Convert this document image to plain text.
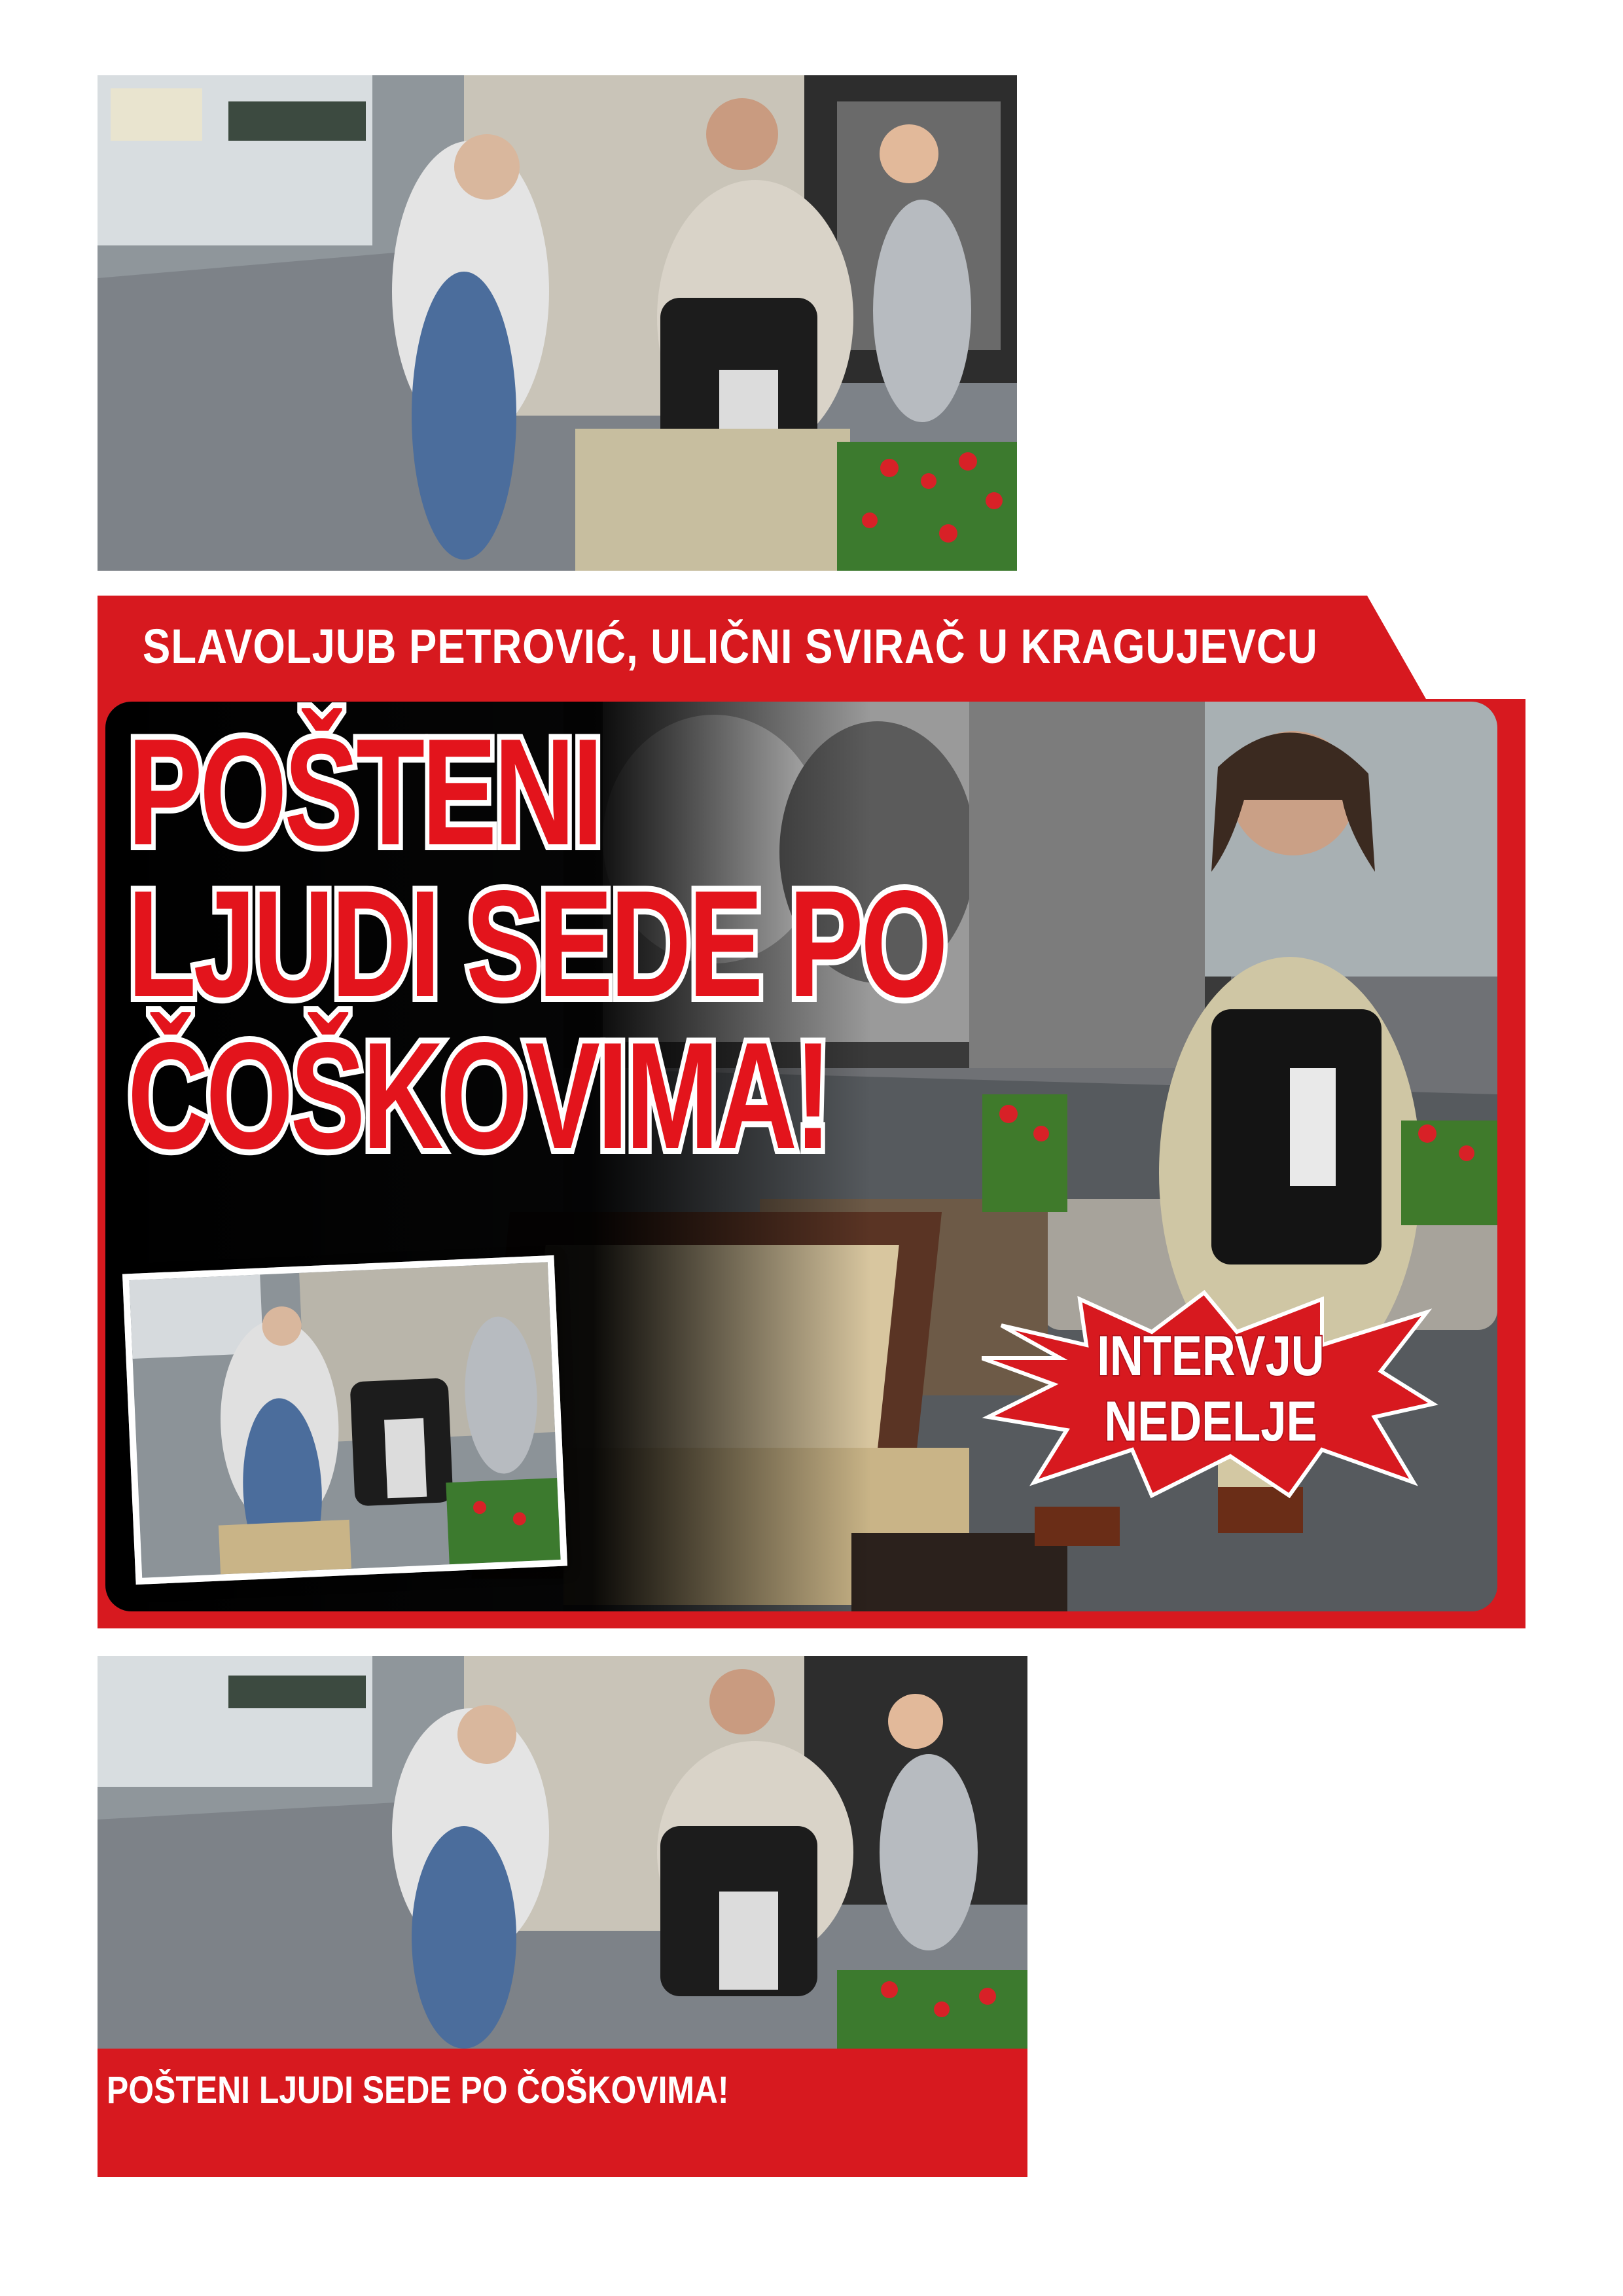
SLAVOLJUB PETROVIĆ, ULIČNI SVIRAČ U KRAGUJEVCU
POŠTENI
LJUDI SEDE PO
ČOŠKOVIMA!
INTERVJU
NEDELJE

POŠTENI LJUDI SEDE PO ČOŠKOVIMA!
